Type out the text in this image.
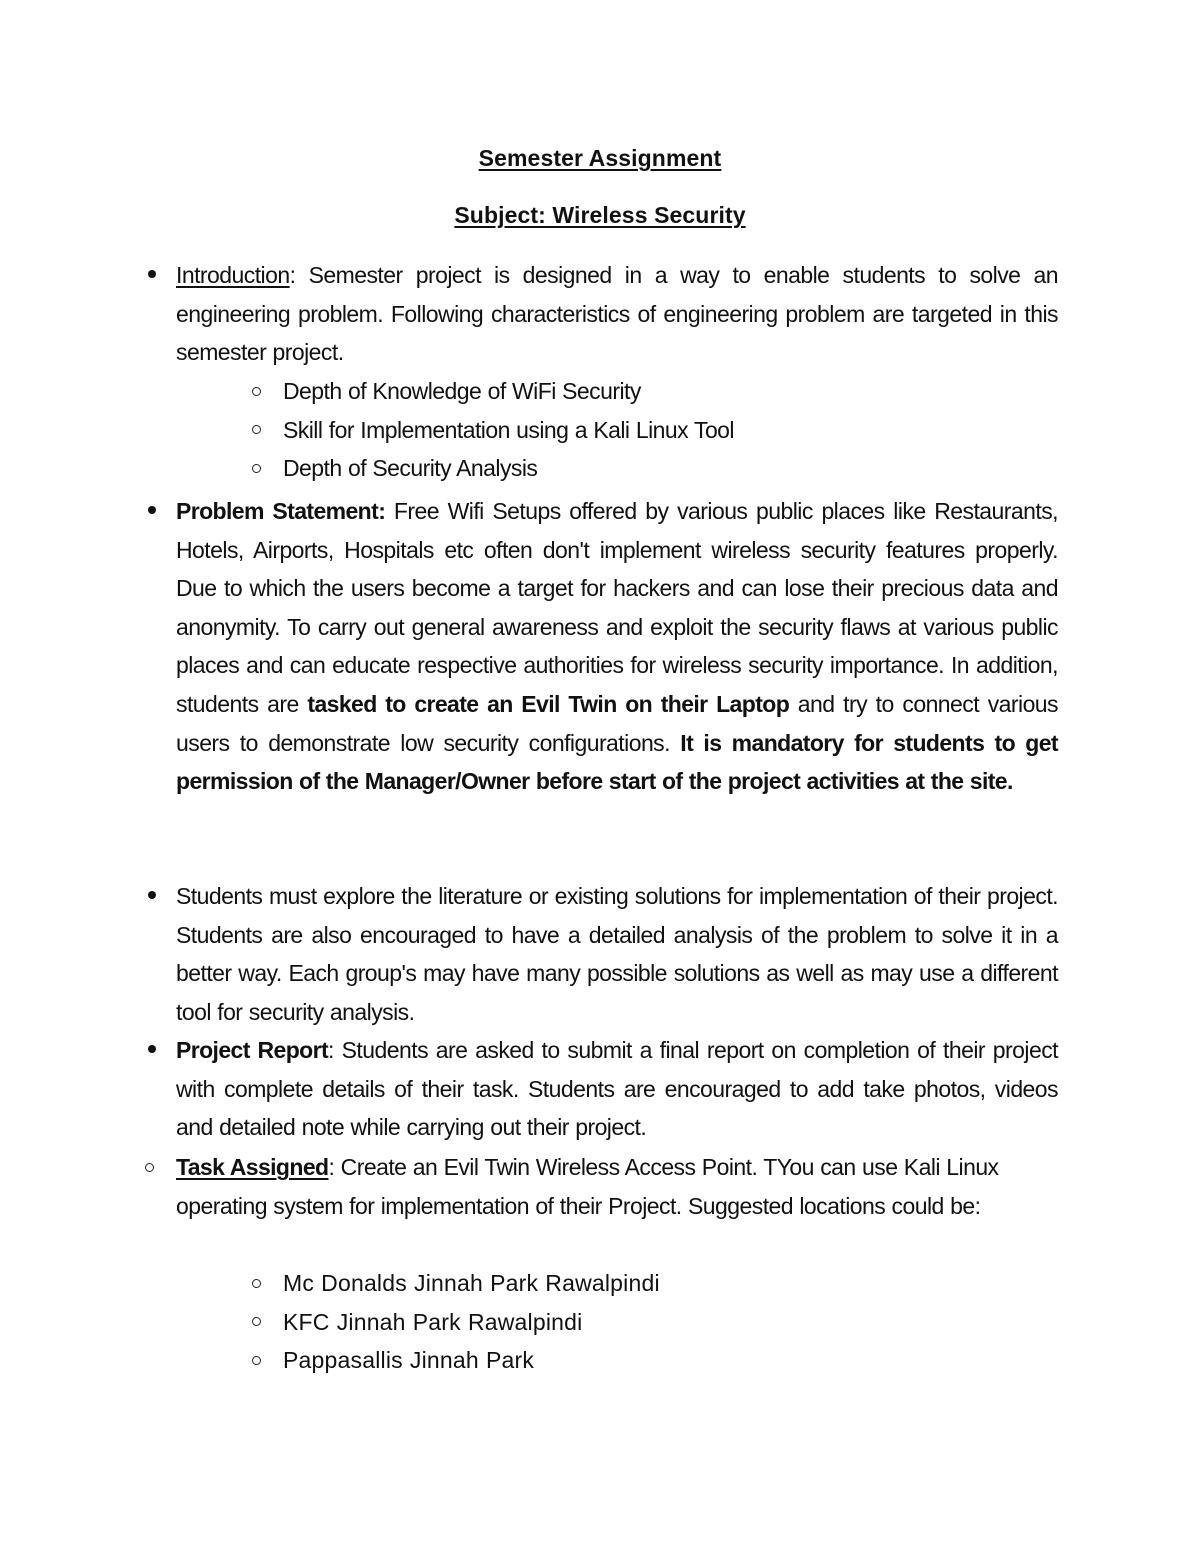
Semester Assignment
Subject: Wireless Security
Introduction: Semester project is designed in a way to enable students to solve an engineering problem. Following characteristics of engineering problem are targeted in this semester project.
Depth of Knowledge of WiFi Security
Skill for Implementation using a Kali Linux Tool
Depth of Security Analysis
Problem Statement: Free Wifi Setups offered by various public places like Restaurants, Hotels, Airports, Hospitals etc often don't implement wireless security features properly. Due to which the users become a target for hackers and can lose their precious data and anonymity. To carry out general awareness and exploit the security flaws at various public places and can educate respective authorities for wireless security importance. In addition, students are tasked to create an Evil Twin on their Laptop and try to connect various users to demonstrate low security configurations. It is mandatory for students to get permission of the Manager/Owner before start of the project activities at the site.
Students must explore the literature or existing solutions for implementation of their project. Students are also encouraged to have a detailed analysis of the problem to solve it in a better way. Each group's may have many possible solutions as well as may use a different tool for security analysis.
Project Report: Students are asked to submit a final report on completion of their project with complete details of their task. Students are encouraged to add take photos, videos and detailed note while carrying out their project.
Task Assigned: Create an Evil Twin Wireless Access Point. TYou can use Kali Linux operating system for implementation of their Project. Suggested locations could be:
Mc Donalds Jinnah Park Rawalpindi
KFC Jinnah Park Rawalpindi
Pappasallis Jinnah Park
